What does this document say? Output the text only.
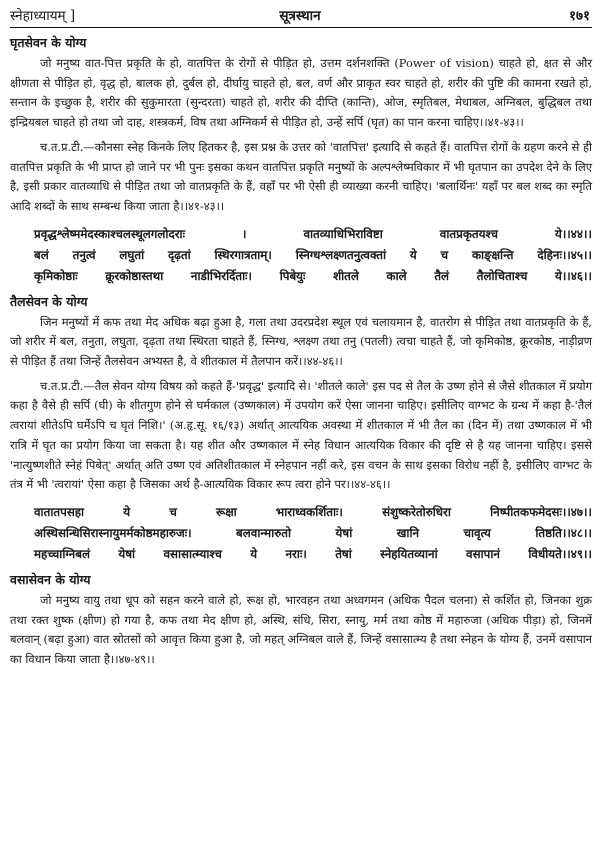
स्नेहाध्यायम् ]	सूत्रस्थान	१७१
घृतसेवन के योग्य

जो मनुष्य वात-पित्त प्रकृति के हो, वातपित्त के रोगों से पीड़ित हो, उत्तम दर्शनशक्ति (Power of vision) चाहते हो, क्षत से और क्षीणता से पीड़ित हो, वृद्ध हो, बालक हो, दुर्बल हो, दीर्घायु चाहते हो, बल, वर्ण और प्राकृत स्वर चाहते हो, शरीर की पुष्टि की कामना रखते हो, सन्तान के इच्छुक है, शरीर की सुकुमारता (सुन्दरता) चाहते हो, शरीर की दीप्ति (कान्ति), ओज, स्मृतिबल, मेधाबल, अग्निबल, बुद्धिबल तथा इन्द्रियबल चाहते हो तथा जो दाह, शस्त्रकर्म, विष तथा अग्निकर्म से पीड़ित हो, उन्हें सर्पि (घृत) का पान करना चाहिए।।४१-४३।।

च.त.प्र.टी.—कौनसा स्नेह किनके लिए हितकर है, इस प्रश्न के उत्तर को 'वातपित्त' इत्यादि से कहते हैं। वातपित्त रोगों के ग्रहण करने से ही वातपित्त प्रकृति के भी प्राप्त हो जाने पर भी पुनः इसका कथन वातपित्त प्रकृति मनुष्यों के अल्पश्लेष्मविकार में भी घृतपान का उपदेश देने के लिए है, इसी प्रकार वातव्याधि से पीड़ित तथा जो वातप्रकृति के हैं, वहाँ पर भी ऐसी ही व्याख्या करनी चाहिए। 'बलार्थिनः' यहाँ पर बल शब्द का स्मृति आदि शब्दों के साथ सम्बन्ध किया जाता है।।४१-४३।।

प्रवृद्धश्लेष्ममेदस्काश्चलस्थूलगलोदराः । वातव्याधिभिराविष्टा वातप्रकृतयश्च ये।।४४।।
बलं तनुत्वं लघुतां दृढ़तां स्थिरगात्रताम्। स्निग्धश्लक्ष्णतनुत्वक्तां ये च काङ्क्षन्ति देहिनः।।४५।।
कृमिकोष्ठाः क्रूरकोष्ठास्तथा नाडीभिरर्दिताः। पिबेयुः शीतले काले तैलं तैलोचिताश्च ये।।४६।।
तैलसेवन के योग्य

जिन मनुष्यों में कफ तथा मेद अधिक बढ़ा हुआ है, गला तथा उदरप्रदेश स्थूल एवं चलायमान है, वातरोग से पीड़ित तथा वातप्रकृति के हैं, जो शरीर में बल, तनुता, लघुता, दृढ़ता तथा स्थिरता चाहते हैं, स्निग्ध, श्लक्ष्ण तथा तनु (पतली) त्वचा चाहते हैं, जो कृमिकोष्ठ, क्रूरकोष्ठ, नाड़ीव्रण से पीड़ित हैं तथा जिन्हें तैलसेवन अभ्यस्त है, वे शीतकाल में तैलपान करें।।४४-४६।।

च.त.प्र.टी.—तैल सेवन योग्य विषय को कहते हैं-'प्रवृद्ध' इत्यादि से। 'शीतले काले' इस पद से तैल के उष्ण होने से जैसे शीतकाल में प्रयोग कहा है वैसे ही सर्पि (घी) के शीतगुण होने से घर्मकाल (उष्णकाल) में उपयोग करें ऐसा जानना चाहिए। इसीलिए वाग्भट के ग्रन्थ में कहा है-'तैलं त्वरायां शीतेऽपि घर्मेऽपि च घृतं निशि।' (अ.हृ.सू. १६/१३) अर्थात् आत्ययिक अवस्था में शीतकाल में भी तैल का (दिन में) तथा उष्णकाल में भी रात्रि में घृत का प्रयोग किया जा सकता है। यह शीत और उष्णकाल में स्नेह विधान आत्ययिक विकार की दृष्टि से है यह जानना चाहिए। इससे 'नात्युष्णशीते स्नेहं पिबेत्' अर्थात् अति उष्ण एवं अतिशीतकाल में स्नेहपान नहीं करे, इस वचन के साथ इसका विरोध नहीं है, इसीलिए वाग्भट के तंत्र में भी 'त्वरायां' ऐसा कहा है जिसका अर्थ है-आत्ययिक विकार रूप त्वरा होने पर।।४४-४६।।

वातातपसहा ये च रूक्षा भाराध्वकर्शिताः। संशुष्करेतोरुधिरा निष्पीतकफमेदसः।।४७।।
अस्थिसन्धिसिरास्नायुमर्मकोष्ठमहारुजः। बलवान्मारुतो येषां खानि चावृत्य तिष्ठति।।४८।।
महच्चाग्निबलं येषां वसासात्म्याश्च ये नराः। तेषां स्नेहयितव्यानां वसापानं विधीयते।।४९।।
वसासेवन के योग्य

जो मनुष्य वायु तथा धूप को सहन करने वाले हो, रूक्ष हो, भारवहन तथा अध्वगमन (अधिक पैदल चलना) से कर्शित हो, जिनका शुक्र तथा रक्त शुष्क (क्षीण) हो गया है, कफ तथा मेद क्षीण हो, अस्थि, संधि, सिरा, स्नायु, मर्म तथा कोष्ठ में महारुजा (अधिक पीड़ा) हो, जिनमें बलवान् (बढ़ा हुआ) वात स्रोतसों को आवृत्त किया हुआ है, जो महत् अग्निबल वाले हैं, जिन्हें वसासात्म्य है तथा स्नेहन के योग्य हैं, उनमें वसापान का विधान किया जाता है।।४७-४९।।
